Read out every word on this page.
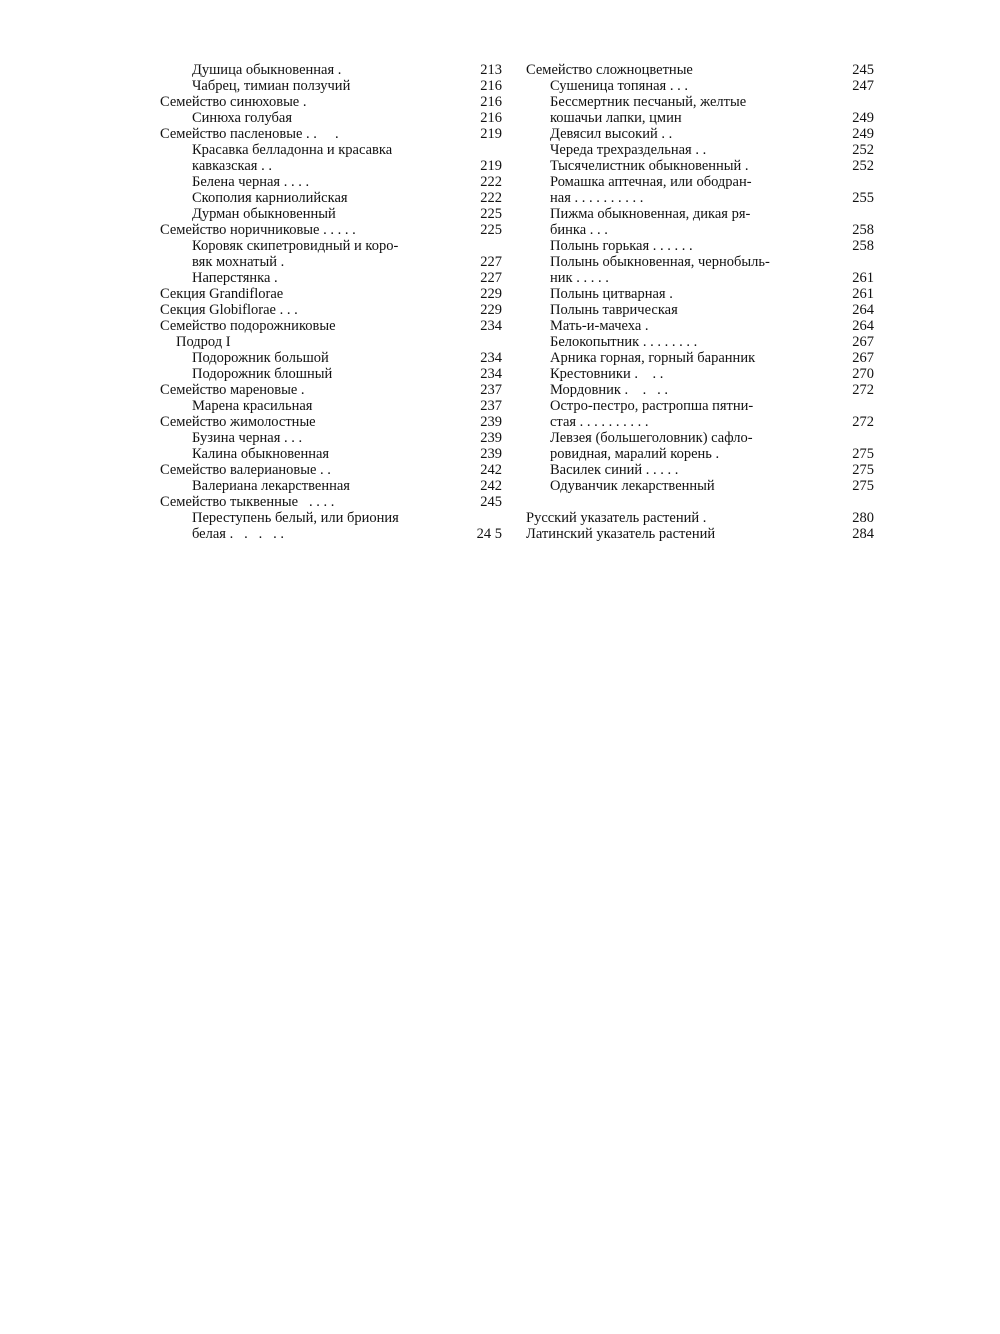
Душица обыкновенная .	213
Чабрец, тимиан ползучий	216
Семейство синюховые .	216
Синюха голубая	216
Семейство пасленовые . .     .	219
Красавка белладонна и красавка
кавказская . .	219
Белена черная . . . .	222
Скополия карниолийская	222
Дурман обыкновенный	225
Семейство норичниковые . . . . .	225
Коровяк скипетровидный и коро-
вяк мохнатый .	227
Наперстянка .	227
Секция Grandiflorae	229
Секция Globiflorae . . .	229
Семейство подорожниковые	234
Подрод I
Подорожник большой	234
Подорожник блошный	234
Семейство мареновые .	237
Марена красильная	237
Семейство жимолостные	239
Бузина черная . . .	239
Калина обыкновенная	239
Семейство валериановые . .	242
Валериана лекарственная	242
Семейство тыквенные   . . . .	245
Переступень белый, или бриония
белая .   .   .   . .	24 5
Семейство сложноцветные	245
Сушеница топяная . . .	247
Бессмертник песчаный, желтые
кошачьи лапки, цмин	249
Девясил высокий . .	249
Череда трехраздельная . .	252
Тысячелистник обыкновенный .	252
Ромашка аптечная, или ободран-
ная . . . . . . . . . .	255
Пижма обыкновенная, дикая ря-
бинка . . .	258
Полынь горькая . . . . . .	258
Полынь обыкновенная, чернобыль-
ник . . . . .	261
Полынь цитварная .	261
Полынь таврическая	264
Мать-и-мачеха .	264
Белокопытник . . . . . . . .	267
Арника горная, горный баранник	267
Крестовники .    . .	270
Мордовник .    .   . .	272
Остро-пестро, растропша пятни-
стая . . . . . . . . . .	272
Левзея (большеголовник) сафло-
ровидная, маралий корень .	275
Василек синий . . . . .	275
Одуванчик лекарственный	275
Русский указатель растений .	280
Латинский указатель растений	284
